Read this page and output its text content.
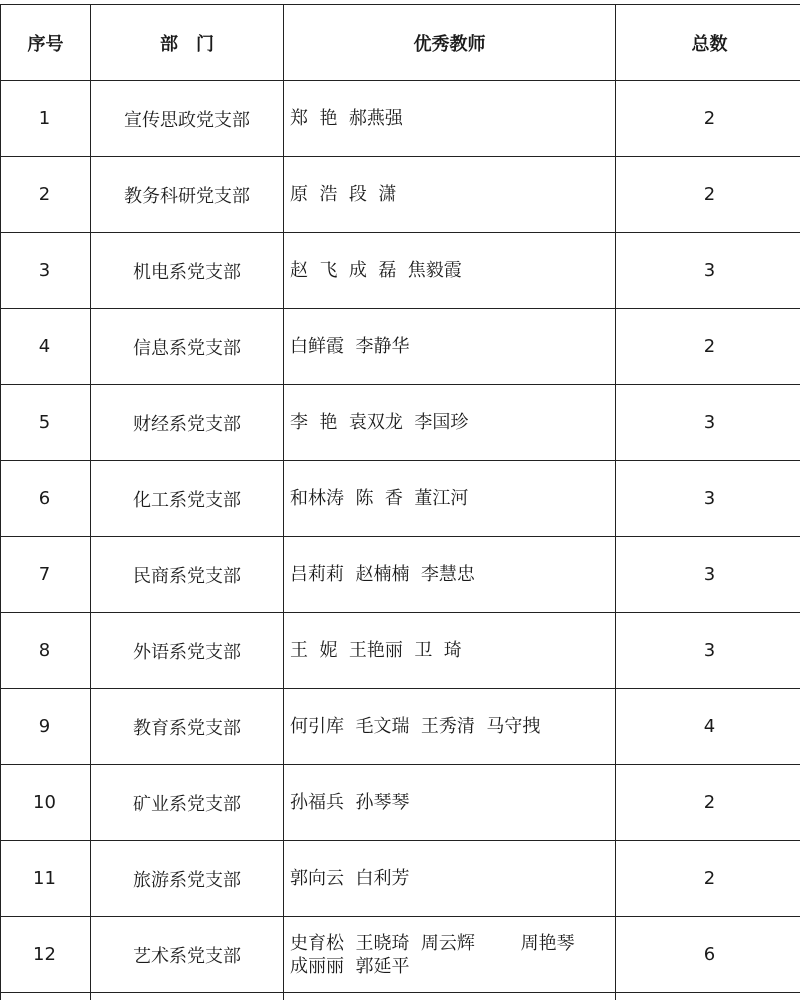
序号	部　门	优秀教师	总数
1	宣传思政党支部	郑  艳  郝燕强	2
2	教务科研党支部	原  浩  段  潇	2
3	机电系党支部	赵  飞  成  磊  焦毅霞	3
4	信息系党支部	白鲜霞  李静华	2
5	财经系党支部	李  艳  袁双龙  李国珍	3
6	化工系党支部	和林涛  陈  香  董江河	3
7	民商系党支部	吕莉莉  赵楠楠  李慧忠	3
8	外语系党支部	王  妮  王艳丽  卫  琦	3
9	教育系党支部	何引库  毛文瑞  王秀清  马守拽	4
10	矿业系党支部	孙福兵  孙琴琴	2
11	旅游系党支部	郭向云  白利芳	2
12	艺术系党支部	史育松  王晓琦  周云辉        周艳琴
成丽丽  郭延平	6
